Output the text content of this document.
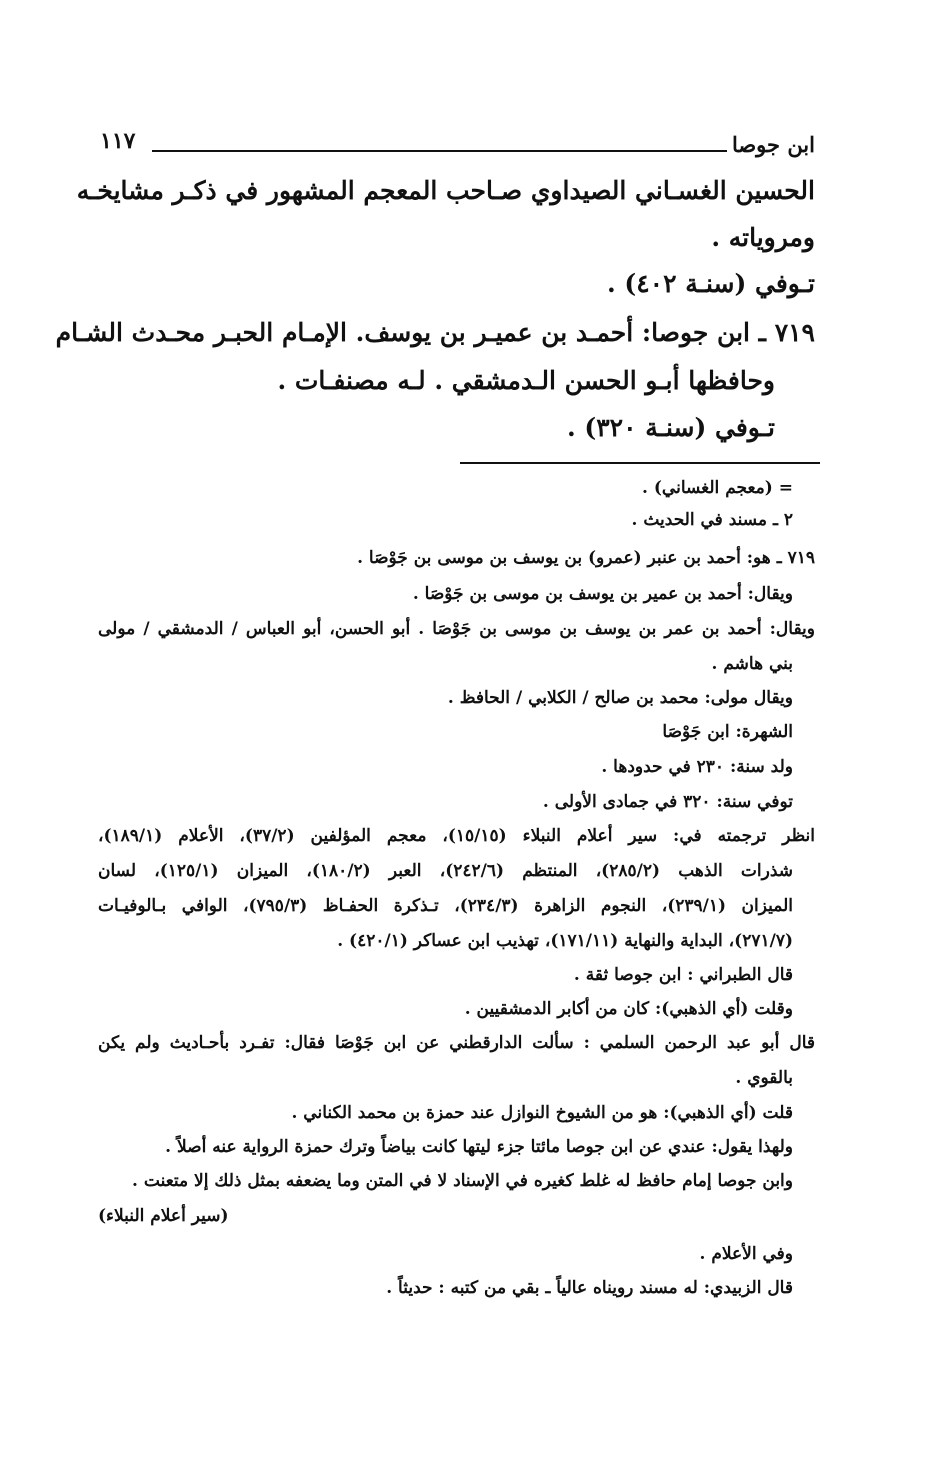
ابن جوصا
١١٧
الحسين الغسـاني الصيداوي صـاحب المعجم المشهور في ذكـر مشايخـه
ومروياته .
تـوفي (سنـة ٤٠٢) .
٧١٩ ـ ابن جوصا: أحمـد بن عميـر بن يوسف. الإمـام الحبـر محـدث الشـام
وحافظها أبـو الحسن الـدمشقي . لـه مصنفـات .
تـوفي (سنـة ٣٢٠) .
= (معجم الغساني) .
٢ ـ مسند في الحديث .
٧١٩ ـ هو: أحمد بن عنبر (عمرو) بن يوسف بن موسى بن جَوْصَا .
ويقال: أحمد بن عمير بن يوسف بن موسى بن جَوْصَا .
ويقال: أحمد بن عمر بن يوسف بن موسى بن جَوْصَا . أبو الحسن، أبو العباس / الدمشقي / مولى
بني هاشم .
ويقال مولى: محمد بن صالح / الكلابي / الحافظ .
الشهرة: ابن جَوْصَا
ولد سنة: ٢٣٠ في حدودها .
توفي سنة: ٣٢٠ في جمادى الأولى .
انظر ترجمته في: سير أعلام النبلاء (١٥/١٥)، معجم المؤلفين (٣٧/٢)، الأعلام (١٨٩/١)،
شذرات الذهب (٢٨٥/٢)، المنتظم (٢٤٢/٦)، العبر (١٨٠/٢)، الميزان (١٢٥/١)، لسان
الميزان (٢٣٩/١)، النجوم الزاهرة (٢٣٤/٣)، تـذكرة الحفـاظ (٧٩٥/٣)، الوافي بـالوفيـات
(٢٧١/٧)، البداية والنهاية (١٧١/١١)، تهذيب ابن عساكر (٤٢٠/١) .
قال الطبراني : ابن جوصا ثقة .
وقلت (أي الذهبي): كان من أكابر الدمشقيين .
قال أبو عبد الرحمن السلمي : سألت الدارقطني عن ابن جَوْصَا فقال: تفـرد بأحـاديث ولم يكن
بالقوي .
قلت (أي الذهبي): هو من الشيوخ النوازل عند حمزة بن محمد الكناني .
ولهذا يقول: عندي عن ابن جوصا مائتا جزء ليتها كانت بياضاً وترك حمزة الرواية عنه أصلاً .
وابن جوصا إمام حافظ له غلط كغيره في الإسناد لا في المتن وما يضعفه بمثل ذلك إلا متعنت .
(سير أعلام النبلاء)
وفي الأعلام .
قال الزبيدي: له مسند رويناه عالياً ـ بقي من كتبه : حديثاً .
